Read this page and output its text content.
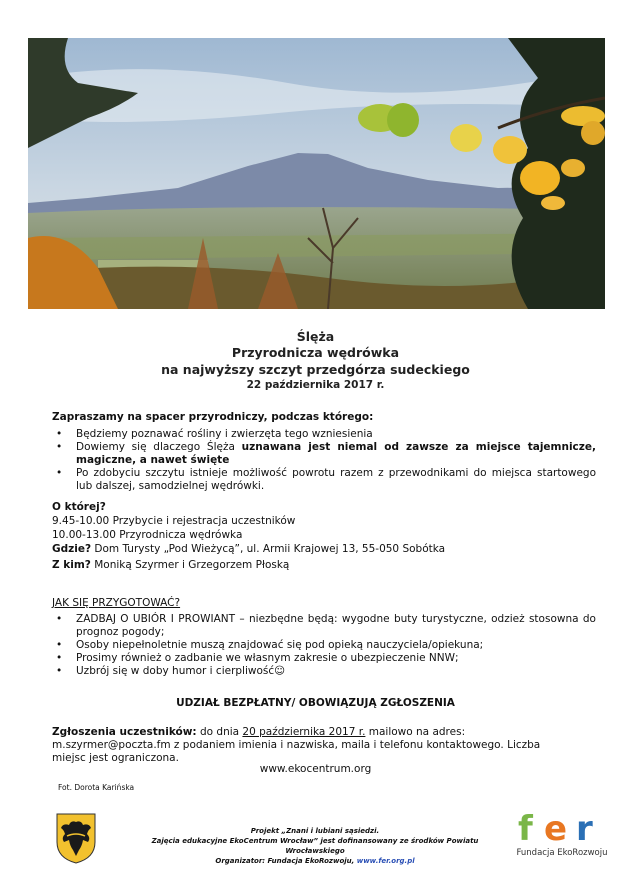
Ślęża
Przyrodnicza wędrówka
na najwyższy szczyt przedgórza sudeckiego
22 października 2017 r.
Zapraszamy na spacer przyrodniczy, podczas którego:
• Będziemy poznawać rośliny i zwierzęta tego wzniesienia
• Dowiemy się dlaczego Ślęża uznawana jest niemal od zawsze za miejsce tajemnicze, magiczne, a nawet święte
• Po zdobyciu szczytu istnieje możliwość powrotu razem z przewodnikami do miejsca startowego lub dalszej, samodzielnej wędrówki.
O której?
9.45-10.00 Przybycie i rejestracja uczestników
10.00-13.00 Przyrodnicza wędrówka
Gdzie? Dom Turysty „Pod Wieżycą”, ul. Armii Krajowej 13, 55-050 Sobótka
Z kim? Moniką Szyrmer i Grzegorzem Płoską
JAK SIĘ PRZYGOTOWAĆ?
• ZADBAJ O UBIÓR I PROWIANT – niezbędne będą: wygodne buty turystyczne, odzież stosowna do prognoz pogody;
• Osoby niepełnoletnie muszą znajdować się pod opieką nauczyciela/opiekuna;
• Prosimy również o zadbanie we własnym zakresie o ubezpieczenie NNW;
• Uzbrój się w doby humor i cierpliwość☺
UDZIAŁ BEZPŁATNY/ OBOWIĄZUJĄ ZGŁOSZENIA
Zgłoszenia uczestników: do dnia 20 października 2017 r. mailowo na adres: m.szyrmer@poczta.fm z podaniem imienia i nazwiska, maila i telefonu kontaktowego. Liczba miejsc jest ograniczona.
www.ekocentrum.org
Fot. Dorota Karińska
Projekt „Znani i lubiani sąsiedzi.
Zajęcia edukacyjne EkoCentrum Wrocław” jest dofinansowany ze środków Powiatu Wrocławskiego
Organizator: Fundacja EkoRozwoju, www.fer.org.pl
f e r
Fundacja EkoRozwoju
